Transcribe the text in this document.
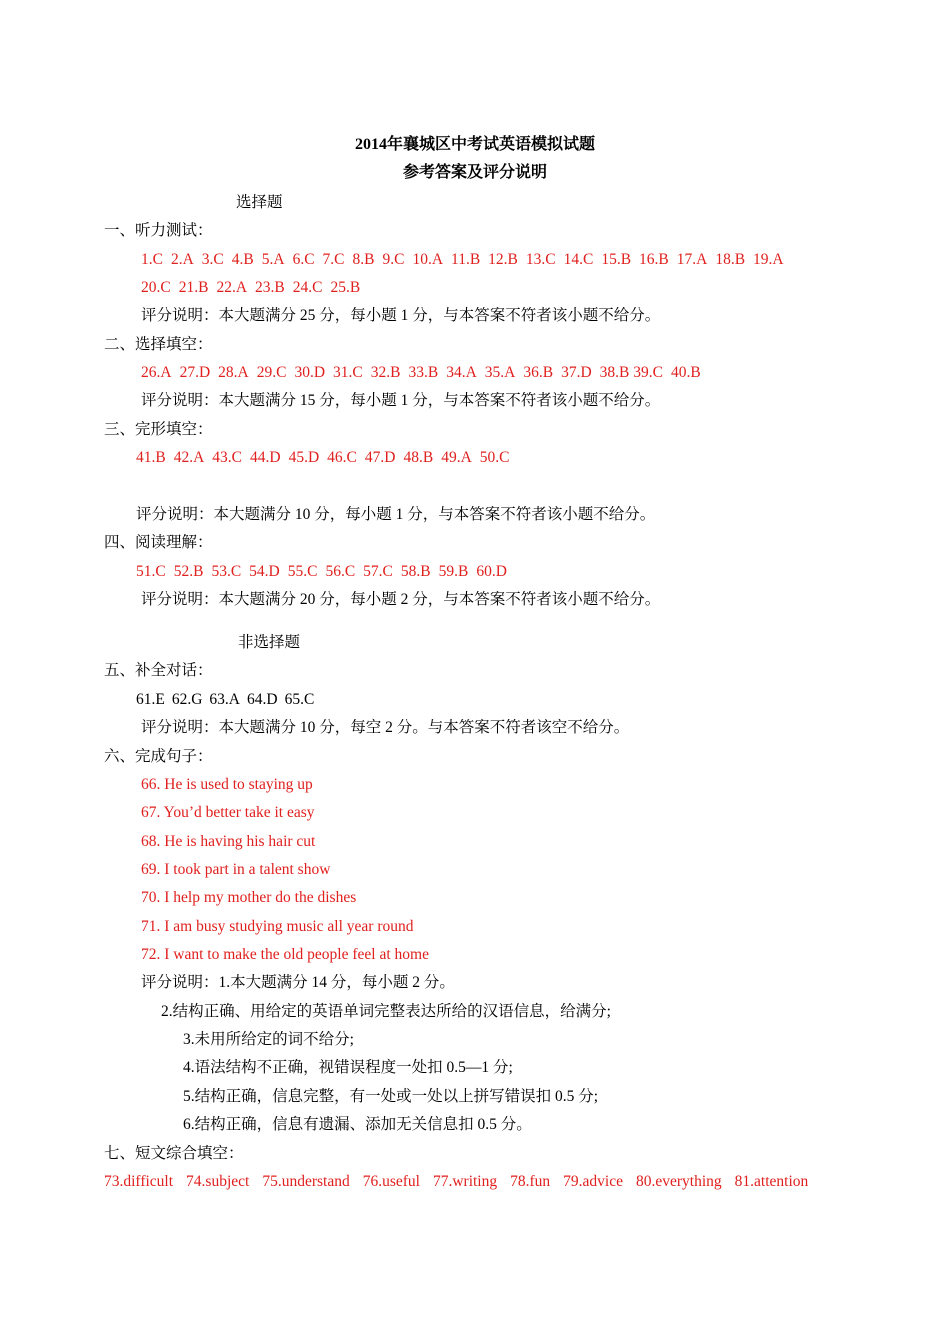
2014年襄城区中考试英语模拟试题
参考答案及评分说明
选择题
一、听力测试：
1.C 2.A 3.C 4.B 5.A 6.C 7.C 8.B 9.C 10.A 11.B 12.B 13.C 14.C 15.B 16.B 17.A 18.B 19.A
20.C 21.B 22.A 23.B 24.C 25.B
评分说明：本大题满分 25 分，每小题 1 分，与本答案不符者该小题不给分。
二、选择填空：
26.A 27.D 28.A 29.C 30.D 31.C 32.B 33.B 34.A 35.A 36.B 37.D 38.B 39.C 40.B
评分说明：本大题满分 15 分，每小题 1 分，与本答案不符者该小题不给分。
三、完形填空：
41.B 42.A 43.C 44.D 45.D 46.C 47.D 48.B 49.A 50.C
评分说明：本大题满分 10 分，每小题 1 分，与本答案不符者该小题不给分。
四、阅读理解：
51.C 52.B 53.C 54.D 55.C 56.C 57.C 58.B 59.B 60.D
评分说明：本大题满分 20 分，每小题 2 分，与本答案不符者该小题不给分。
非选择题
五、补全对话：
61.E 62.G 63.A 64.D 65.C
评分说明：本大题满分 10 分，每空 2 分。与本答案不符者该空不给分。
六、完成句子：
66. He is used to staying up
67. You’d better take it easy
68. He is having his hair cut
69. I took part in a talent show
70. I help my mother do the dishes
71. I am busy studying music all year round
72. I want to make the old people feel at home
评分说明：1.本大题满分 14 分，每小题 2 分。
2.结构正确、用给定的英语单词完整表达所给的汉语信息，给满分;
3.未用所给定的词不给分;
4.语法结构不正确，视错误程度一处扣 0.5—1 分;
5.结构正确，信息完整，有一处或一处以上拼写错误扣 0.5 分;
6.结构正确，信息有遗漏、添加无关信息扣 0.5 分。
七、短文综合填空：
73.difficult 74.subject 75.understand 76.useful 77.writing 78.fun 79.advice 80.everything 81.attention
